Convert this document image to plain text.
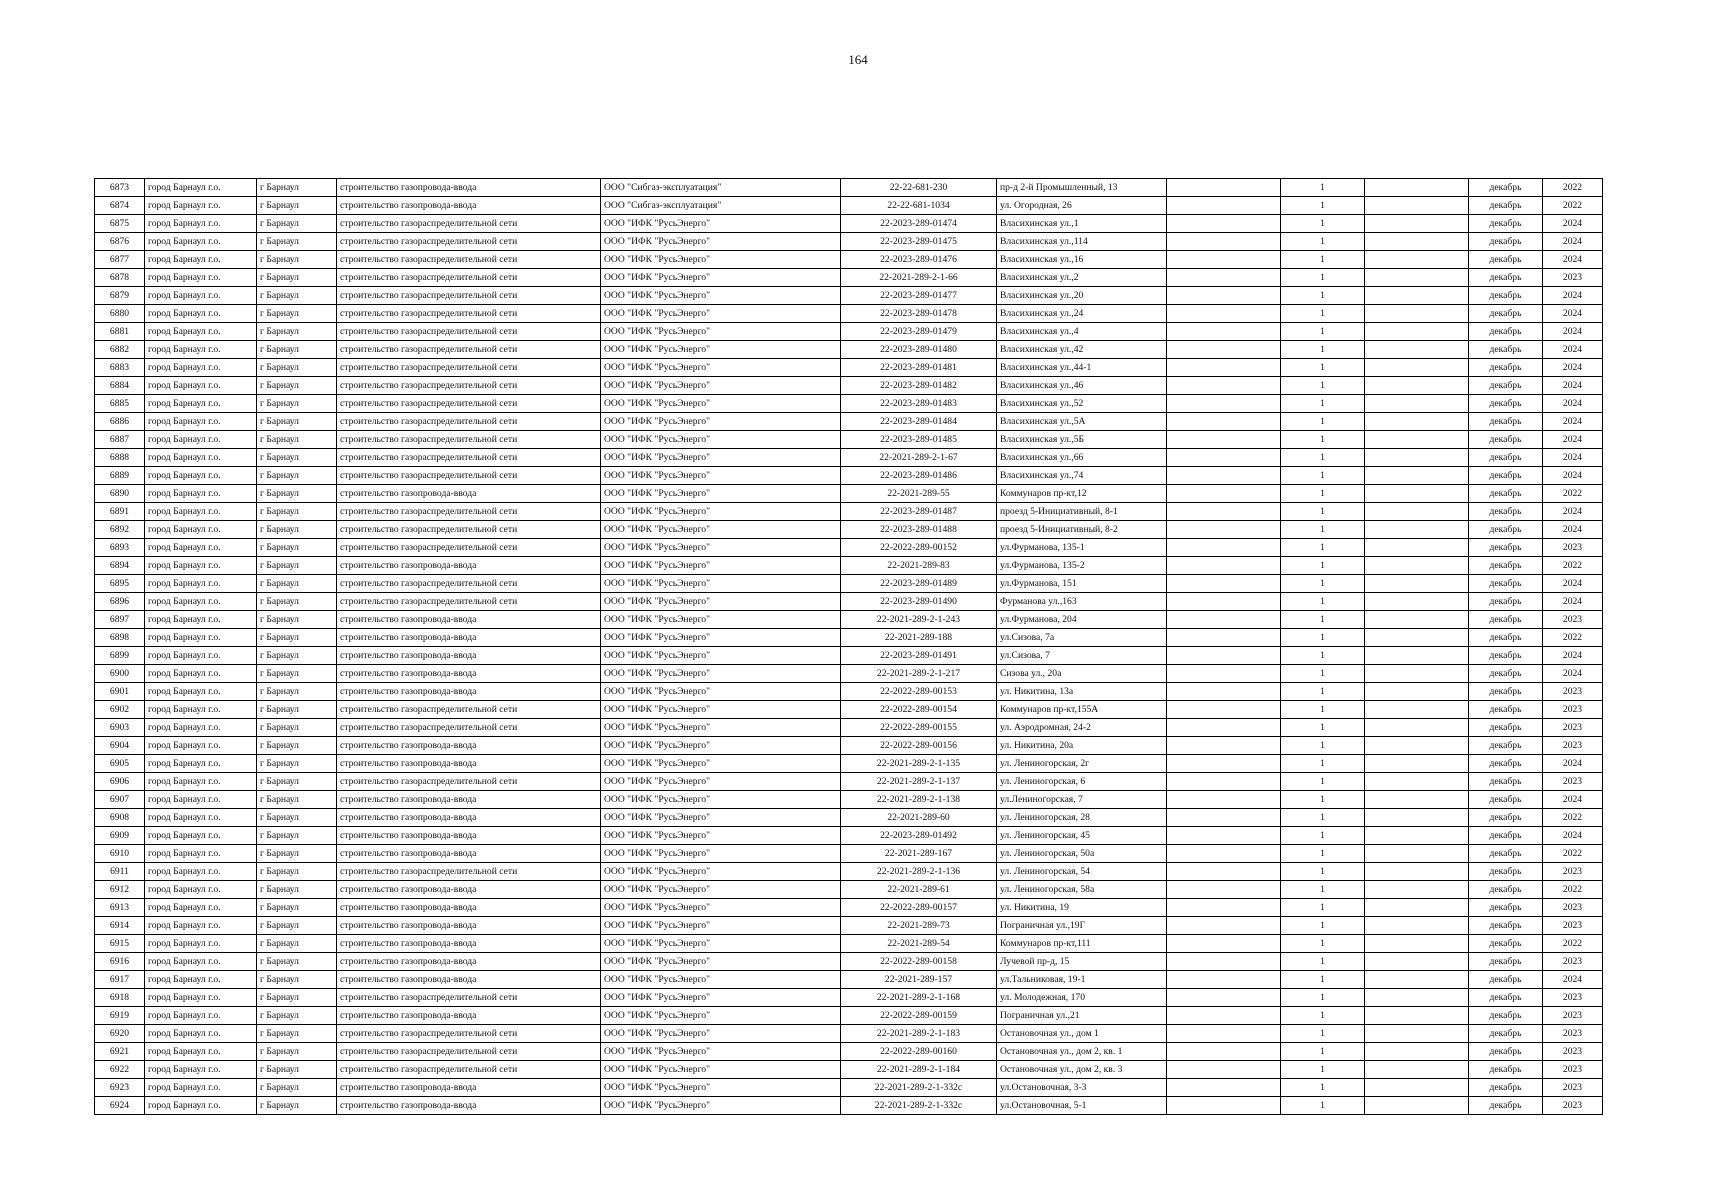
164
6873	город Барнаул г.о.	г Барнаул	строительство газопровода-ввода	ООО "Сибгаз-эксплуатация"	22-22-681-230	пр-д 2-й Промышленный, 13		1		декабрь	2022
6874	город Барнаул г.о.	г Барнаул	строительство газопровода-ввода	ООО "Сибгаз-эксплуатация"	22-22-681-1034	ул. Огородная, 26		1		декабрь	2022
6875	город Барнаул г.о.	г Барнаул	строительство газораспределительной сети	ООО "ИФК "РусьЭнерго"	22-2023-289-01474	Власихинская ул.,1		1		декабрь	2024
6876	город Барнаул г.о.	г Барнаул	строительство газораспределительной сети	ООО "ИФК "РусьЭнерго"	22-2023-289-01475	Власихинская ул.,114		1		декабрь	2024
6877	город Барнаул г.о.	г Барнаул	строительство газораспределительной сети	ООО "ИФК "РусьЭнерго"	22-2023-289-01476	Власихинская ул.,16		1		декабрь	2024
6878	город Барнаул г.о.	г Барнаул	строительство газораспределительной сети	ООО "ИФК "РусьЭнерго"	22-2021-289-2-1-66	Власихинская ул.,2		1		декабрь	2023
6879	город Барнаул г.о.	г Барнаул	строительство газораспределительной сети	ООО "ИФК "РусьЭнерго"	22-2023-289-01477	Власихинская ул.,20		1		декабрь	2024
6880	город Барнаул г.о.	г Барнаул	строительство газораспределительной сети	ООО "ИФК "РусьЭнерго"	22-2023-289-01478	Власихинская ул.,24		1		декабрь	2024
6881	город Барнаул г.о.	г Барнаул	строительство газораспределительной сети	ООО "ИФК "РусьЭнерго"	22-2023-289-01479	Власихинская ул.,4		1		декабрь	2024
6882	город Барнаул г.о.	г Барнаул	строительство газораспределительной сети	ООО "ИФК "РусьЭнерго"	22-2023-289-01480	Власихинская ул.,42		1		декабрь	2024
6883	город Барнаул г.о.	г Барнаул	строительство газораспределительной сети	ООО "ИФК "РусьЭнерго"	22-2023-289-01481	Власихинская ул.,44-1		1		декабрь	2024
6884	город Барнаул г.о.	г Барнаул	строительство газораспределительной сети	ООО "ИФК "РусьЭнерго"	22-2023-289-01482	Власихинская ул.,46		1		декабрь	2024
6885	город Барнаул г.о.	г Барнаул	строительство газораспределительной сети	ООО "ИФК "РусьЭнерго"	22-2023-289-01483	Власихинская ул.,52		1		декабрь	2024
6886	город Барнаул г.о.	г Барнаул	строительство газораспределительной сети	ООО "ИФК "РусьЭнерго"	22-2023-289-01484	Власихинская ул.,5А		1		декабрь	2024
6887	город Барнаул г.о.	г Барнаул	строительство газораспределительной сети	ООО "ИФК "РусьЭнерго"	22-2023-289-01485	Власихинская ул.,5Б		1		декабрь	2024
6888	город Барнаул г.о.	г Барнаул	строительство газораспределительной сети	ООО "ИФК "РусьЭнерго"	22-2021-289-2-1-67	Власихинская ул.,66		1		декабрь	2024
6889	город Барнаул г.о.	г Барнаул	строительство газораспределительной сети	ООО "ИФК "РусьЭнерго"	22-2023-289-01486	Власихинская ул.,74		1		декабрь	2024
6890	город Барнаул г.о.	г Барнаул	строительство газопровода-ввода	ООО "ИФК "РусьЭнерго"	22-2021-289-55	Коммунаров пр-кт,12		1		декабрь	2022
6891	город Барнаул г.о.	г Барнаул	строительство газораспределительной сети	ООО "ИФК "РусьЭнерго"	22-2023-289-01487	проезд 5-Инициативный, 8-1		1		декабрь	2024
6892	город Барнаул г.о.	г Барнаул	строительство газораспределительной сети	ООО "ИФК "РусьЭнерго"	22-2023-289-01488	проезд 5-Инициативный, 8-2		1		декабрь	2024
6893	город Барнаул г.о.	г Барнаул	строительство газораспределительной сети	ООО "ИФК "РусьЭнерго"	22-2022-289-00152	ул.Фурманова, 135-1		1		декабрь	2023
6894	город Барнаул г.о.	г Барнаул	строительство газопровода-ввода	ООО "ИФК "РусьЭнерго"	22-2021-289-83	ул.Фурманова, 135-2		1		декабрь	2022
6895	город Барнаул г.о.	г Барнаул	строительство газораспределительной сети	ООО "ИФК "РусьЭнерго"	22-2023-289-01489	ул.Фурманова, 151		1		декабрь	2024
6896	город Барнаул г.о.	г Барнаул	строительство газораспределительной сети	ООО "ИФК "РусьЭнерго"	22-2023-289-01490	Фурманова ул.,163		1		декабрь	2024
6897	город Барнаул г.о.	г Барнаул	строительство газопровода-ввода	ООО "ИФК "РусьЭнерго"	22-2021-289-2-1-243	ул.Фурманова, 204		1		декабрь	2023
6898	город Барнаул г.о.	г Барнаул	строительство газопровода-ввода	ООО "ИФК "РусьЭнерго"	22-2021-289-188	ул.Сизова, 7а		1		декабрь	2022
6899	город Барнаул г.о.	г Барнаул	строительство газопровода-ввода	ООО "ИФК "РусьЭнерго"	22-2023-289-01491	ул.Сизова, 7		1		декабрь	2024
6900	город Барнаул г.о.	г Барнаул	строительство газопровода-ввода	ООО "ИФК "РусьЭнерго"	22-2021-289-2-1-217	Сизова ул., 20а		1		декабрь	2024
6901	город Барнаул г.о.	г Барнаул	строительство газопровода-ввода	ООО "ИФК "РусьЭнерго"	22-2022-289-00153	ул. Никитина, 13а		1		декабрь	2023
6902	город Барнаул г.о.	г Барнаул	строительство газораспределительной сети	ООО "ИФК "РусьЭнерго"	22-2022-289-00154	Коммунаров пр-кт,155А		1		декабрь	2023
6903	город Барнаул г.о.	г Барнаул	строительство газораспределительной сети	ООО "ИФК "РусьЭнерго"	22-2022-289-00155	ул. Аэродромная, 24-2		1		декабрь	2023
6904	город Барнаул г.о.	г Барнаул	строительство газопровода-ввода	ООО "ИФК "РусьЭнерго"	22-2022-289-00156	ул. Никитина, 20а		1		декабрь	2023
6905	город Барнаул г.о.	г Барнаул	строительство газопровода-ввода	ООО "ИФК "РусьЭнерго"	22-2021-289-2-1-135	ул. Лениногорская, 2г		1		декабрь	2024
6906	город Барнаул г.о.	г Барнаул	строительство газораспределительной сети	ООО "ИФК "РусьЭнерго"	22-2021-289-2-1-137	ул. Лениногорская, 6		1		декабрь	2023
6907	город Барнаул г.о.	г Барнаул	строительство газопровода-ввода	ООО "ИФК "РусьЭнерго"	22-2021-289-2-1-138	ул.Лениногорская, 7		1		декабрь	2024
6908	город Барнаул г.о.	г Барнаул	строительство газопровода-ввода	ООО "ИФК "РусьЭнерго"	22-2021-289-60	ул. Лениногорская, 28		1		декабрь	2022
6909	город Барнаул г.о.	г Барнаул	строительство газопровода-ввода	ООО "ИФК "РусьЭнерго"	22-2023-289-01492	ул. Лениногорская, 45		1		декабрь	2024
6910	город Барнаул г.о.	г Барнаул	строительство газопровода-ввода	ООО "ИФК "РусьЭнерго"	22-2021-289-167	ул. Лениногорская, 50а		1		декабрь	2022
6911	город Барнаул г.о.	г Барнаул	строительство газораспределительной сети	ООО "ИФК "РусьЭнерго"	22-2021-289-2-1-136	ул. Лениногорская, 54		1		декабрь	2023
6912	город Барнаул г.о.	г Барнаул	строительство газопровода-ввода	ООО "ИФК "РусьЭнерго"	22-2021-289-61	ул. Лениногорская, 58а		1		декабрь	2022
6913	город Барнаул г.о.	г Барнаул	строительство газопровода-ввода	ООО "ИФК "РусьЭнерго"	22-2022-289-00157	ул. Никитина, 19		1		декабрь	2023
6914	город Барнаул г.о.	г Барнаул	строительство газопровода-ввода	ООО "ИФК "РусьЭнерго"	22-2021-289-73	Пограничная ул.,19Г		1		декабрь	2023
6915	город Барнаул г.о.	г Барнаул	строительство газопровода-ввода	ООО "ИФК "РусьЭнерго"	22-2021-289-54	Коммунаров пр-кт,111		1		декабрь	2022
6916	город Барнаул г.о.	г Барнаул	строительство газопровода-ввода	ООО "ИФК "РусьЭнерго"	22-2022-289-00158	Лучевой пр-д, 15		1		декабрь	2023
6917	город Барнаул г.о.	г Барнаул	строительство газопровода-ввода	ООО "ИФК "РусьЭнерго"	22-2021-289-157	ул.Тальниковая, 19-1		1		декабрь	2024
6918	город Барнаул г.о.	г Барнаул	строительство газораспределительной сети	ООО "ИФК "РусьЭнерго"	22-2021-289-2-1-168	ул. Молодежная, 170		1		декабрь	2023
6919	город Барнаул г.о.	г Барнаул	строительство газопровода-ввода	ООО "ИФК "РусьЭнерго"	22-2022-289-00159	Пограничная ул.,21		1		декабрь	2023
6920	город Барнаул г.о.	г Барнаул	строительство газораспределительной сети	ООО "ИФК "РусьЭнерго"	22-2021-289-2-1-183	Остановочная ул., дом 1		1		декабрь	2023
6921	город Барнаул г.о.	г Барнаул	строительство газораспределительной сети	ООО "ИФК "РусьЭнерго"	22-2022-289-00160	Остановочная ул., дом 2, кв. 1		1		декабрь	2023
6922	город Барнаул г.о.	г Барнаул	строительство газораспределительной сети	ООО "ИФК "РусьЭнерго"	22-2021-289-2-1-184	Остановочная ул., дом 2, кв. 3		1		декабрь	2023
6923	город Барнаул г.о.	г Барнаул	строительство газопровода-ввода	ООО "ИФК "РусьЭнерго"	22-2021-289-2-1-332с	ул.Остановочная, 3-3		1		декабрь	2023
6924	город Барнаул г.о.	г Барнаул	строительство газопровода-ввода	ООО "ИФК "РусьЭнерго"	22-2021-289-2-1-332с	ул.Остановочная, 5-1		1		декабрь	2023
